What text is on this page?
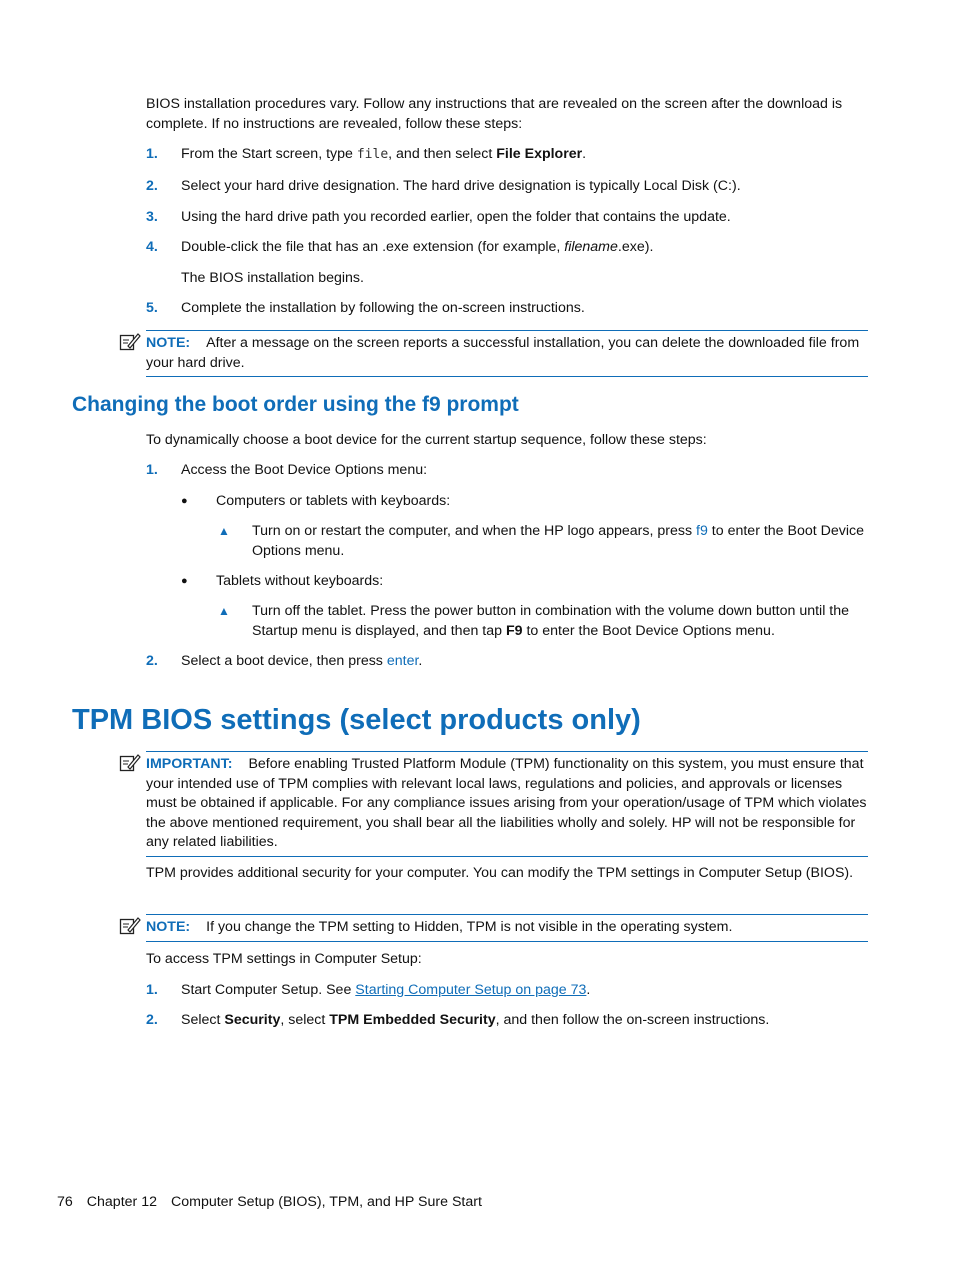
BIOS installation procedures vary. Follow any instructions that are revealed on the screen after the download is complete. If no instructions are revealed, follow these steps:

1. From the Start screen, type file, and then select File Explorer.
2. Select your hard drive designation. The hard drive designation is typically Local Disk (C:).
3. Using the hard drive path you recorded earlier, open the folder that contains the update.
4. Double-click the file that has an .exe extension (for example, filename.exe).
The BIOS installation begins.
5. Complete the installation by following the on-screen instructions.
NOTE: After a message on the screen reports a successful installation, you can delete the downloaded file from your hard drive.
Changing the boot order using the f9 prompt

To dynamically choose a boot device for the current startup sequence, follow these steps:

1. Access the Boot Device Options menu:
● Computers or tablets with keyboards:
▲ Turn on or restart the computer, and when the HP logo appears, press f9 to enter the Boot Device Options menu.
● Tablets without keyboards:
▲ Turn off the tablet. Press the power button in combination with the volume down button until the Startup menu is displayed, and then tap F9 to enter the Boot Device Options menu.
2. Select a boot device, then press enter.
TPM BIOS settings (select products only)
IMPORTANT: Before enabling Trusted Platform Module (TPM) functionality on this system, you must ensure that your intended use of TPM complies with relevant local laws, regulations and policies, and approvals or licenses must be obtained if applicable. For any compliance issues arising from your operation/usage of TPM which violates the above mentioned requirement, you shall bear all the liabilities wholly and solely. HP will not be responsible for any related liabilities.

TPM provides additional security for your computer. You can modify the TPM settings in Computer Setup (BIOS).

NOTE: If you change the TPM setting to Hidden, TPM is not visible in the operating system.

To access TPM settings in Computer Setup:

1. Start Computer Setup. See Starting Computer Setup on page 73.
2. Select Security, select TPM Embedded Security, and then follow the on-screen instructions.
76 Chapter 12 Computer Setup (BIOS), TPM, and HP Sure Start
